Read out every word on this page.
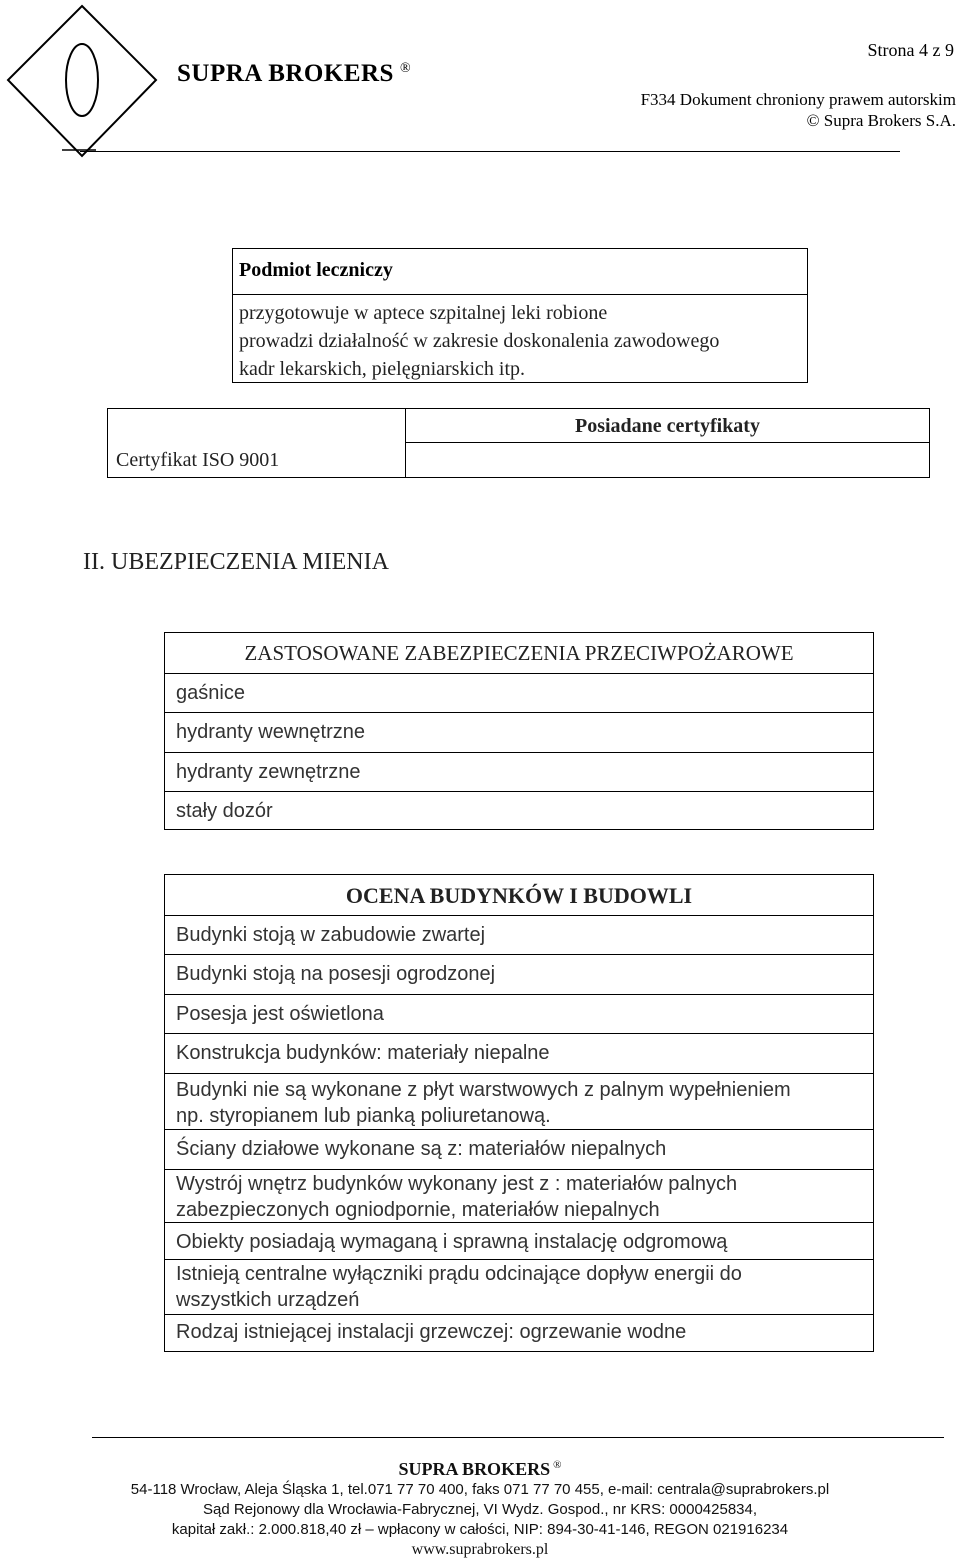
SUPRA BROKERS ®
Strona 4 z 9
F334 Dokument chroniony prawem autorskim
© Supra Brokers S.A.
Podmiot leczniczy
przygotowuje w aptece szpitalnej leki robione
prowadzi działalność w zakresie doskonalenia zawodowego
kadr lekarskich, pielęgniarskich itp.
Certyfikat ISO 9001
Posiadane certyfikaty
II. UBEZPIECZENIA MIENIA
ZASTOSOWANE ZABEZPIECZENIA PRZECIWPOŻAROWE
gaśnice
hydranty wewnętrzne
hydranty zewnętrzne
stały dozór
OCENA BUDYNKÓW I BUDOWLI
Budynki stoją w zabudowie zwartej
Budynki stoją na posesji ogrodzonej
Posesja jest oświetlona
Konstrukcja budynków: materiały niepalne
Budynki nie są wykonane z płyt warstwowych z palnym wypełnieniem
np. styropianem lub pianką poliuretanową.
Ściany działowe wykonane są z: materiałów niepalnych
Wystrój wnętrz budynków wykonany jest z : materiałów palnych
zabezpieczonych ogniodpornie, materiałów niepalnych
Obiekty posiadają wymaganą i sprawną instalację odgromową
Istnieją centralne wyłączniki prądu odcinające dopływ energii do
wszystkich urządzeń
Rodzaj istniejącej instalacji grzewczej: ogrzewanie wodne
SUPRA BROKERS ®
54-118 Wrocław, Aleja Śląska 1, tel.071 77 70 400, faks 071 77 70 455, e-mail: centrala@suprabrokers.pl
Sąd Rejonowy dla Wrocławia-Fabrycznej, VI Wydz. Gospod., nr KRS: 0000425834,
kapitał zakł.: 2.000.818,40 zł – wpłacony w całości, NIP: 894-30-41-146, REGON 021916234
www.suprabrokers.pl
